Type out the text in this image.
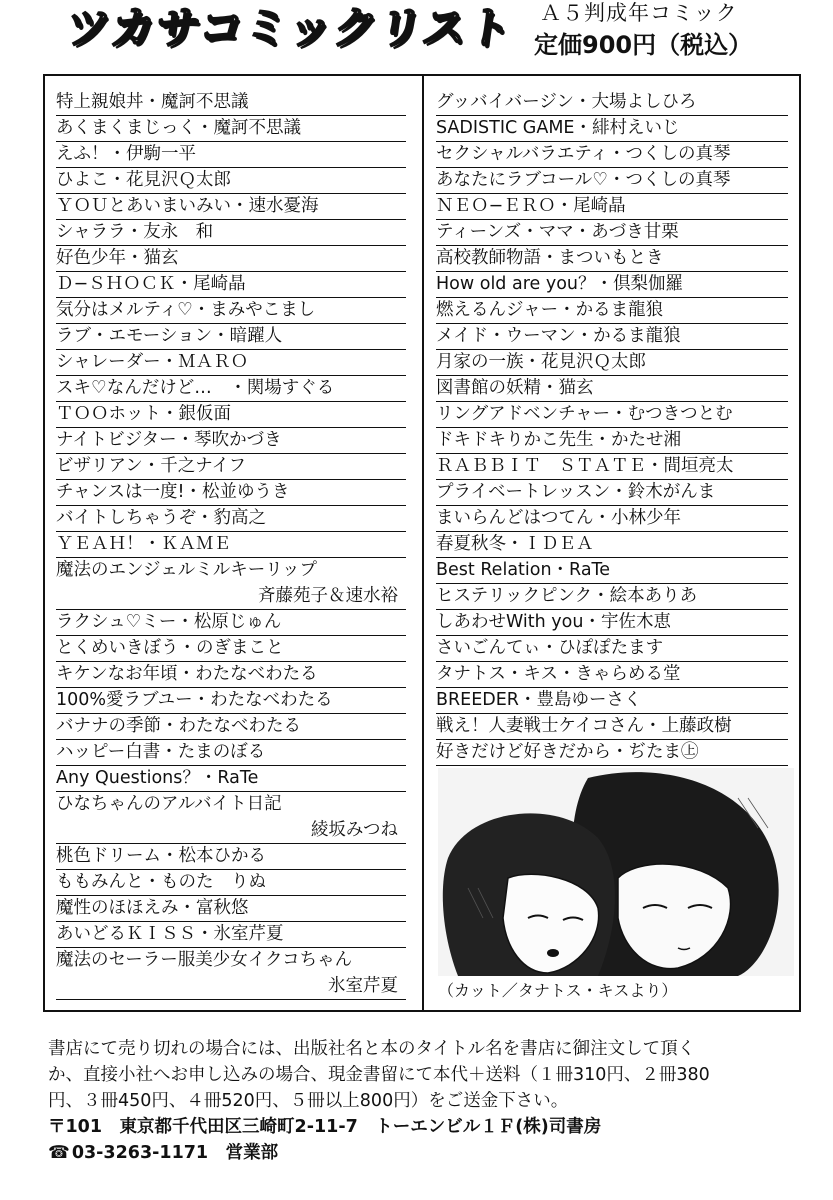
ツカサコミックリスト Ａ５判成年コミック
定価900円（税込）
特上親娘丼・魔訶不思議
あくまくまじっく・魔訶不思議
えふ！・伊駒一平
ひよこ・花見沢Ｑ太郎
ＹＯＵとあいまいみい・速水憂海
シャララ・友永　和
好色少年・猫玄
Ｄ−ＳＨＯＣＫ・尾崎晶
気分はメルティ♡・まみやこまし
ラブ・エモーション・暗躍人
シャレーダー・ＭＡＲＯ
スキ♡なんだけど…　・関場すぐる
ＴＯＯホット・銀仮面
ナイトビジター・琴吹かづき
ビザリアン・千之ナイフ
チャンスは一度!・松並ゆうき
バイトしちゃうぞ・豹高之
ＹＥＡＨ！・ＫＡＭＥ
魔法のエンジェルミルキーリップ
斉藤苑子＆速水裕
ラクシュ♡ミー・松原じゅん
とくめいきぼう・のぎまこと
キケンなお年頃・わたなべわたる
100%愛ラブユー・わたなべわたる
バナナの季節・わたなべわたる
ハッピー白書・たまのぼる
Any Questions？・RaTe
ひなちゃんのアルバイト日記
綾坂みつね
桃色ドリーム・松本ひかる
ももみんと・ものた　りぬ
魔性のほほえみ・富秋悠
あいどるＫＩＳＳ・氷室芹夏
魔法のセーラー服美少女イクコちゃん
氷室芹夏
グッバイバージン・大場よしひろ
SADISTIC GAME・緋村えいじ
セクシャルバラエティ・つくしの真琴
あなたにラブコール♡・つくしの真琴
ＮＥＯ−ＥＲＯ・尾崎晶
ティーンズ・ママ・あづき甘栗
高校教師物語・まついもとき
How old are you？・倶梨伽羅
燃えるんジャー・かるま龍狼
メイド・ウーマン・かるま龍狼
月家の一族・花見沢Ｑ太郎
図書館の妖精・猫玄
リングアドベンチャー・むつきつとむ
ドキドキりかこ先生・かたせ湘
ＲＡＢＢＩＴ　ＳＴＡＴＥ・間垣亮太
プライベートレッスン・鈴木がんま
まいらんどはつてん・小林少年
春夏秋冬・ＩＤＥＡ
Best Relation・RaTe
ヒステリックピンク・絵本ありあ
しあわせWith you・宇佐木恵
さいごんてぃ・ひぽぽたます
タナトス・キス・きゃらめる堂
BREEDER・豊島ゆーさく
戦え！人妻戦士ケイコさん・上藤政樹
好きだけど好きだから・ぢたま㊤
（カット／タナトス・キスより）

書店にて売り切れの場合には、出版社名と本のタイトル名を書店に御注文して頂く

か、直接小社へお申し込みの場合、現金書留にて本代＋送料（１冊310円、２冊380

円、３冊450円、４冊520円、５冊以上800円）をご送金下さい。

〒101　東京都千代田区三崎町2-11-7　トーエンビル１Ｆ(株)司書房
☎ 03-3263-1171　営業部
